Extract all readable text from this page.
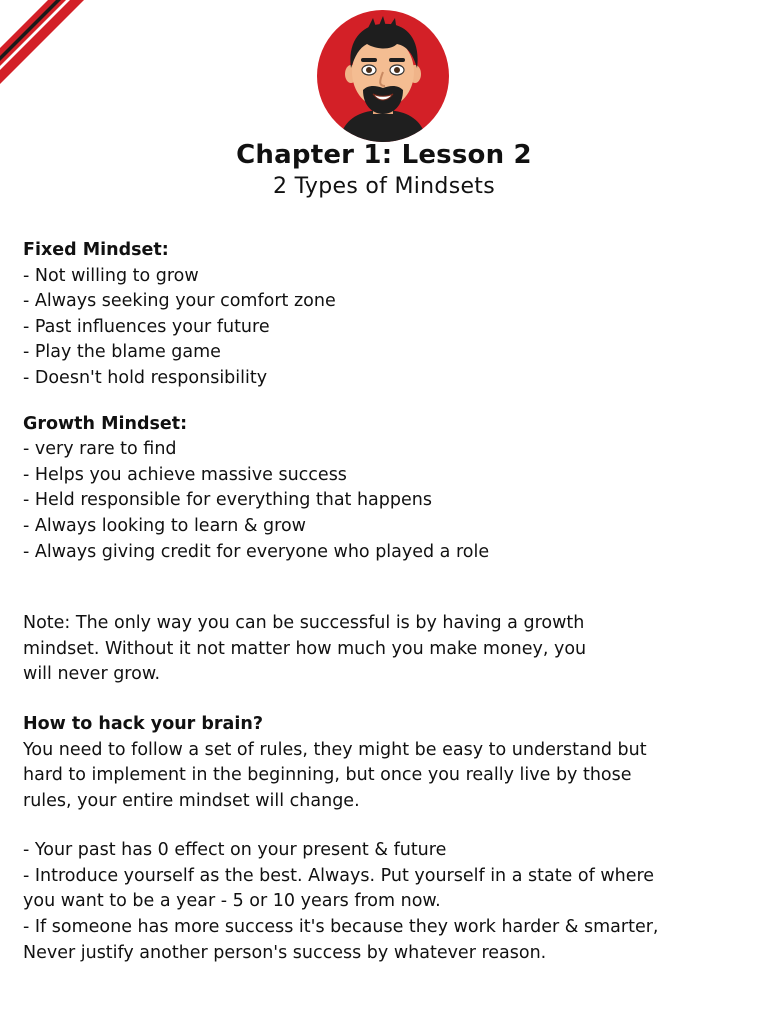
Chapter 1: Lesson 2
2 Types of Mindsets
Fixed Mindset:
- Not willing to grow
- Always seeking your comfort zone
- Past influences your future
- Play the blame game
- Doesn't hold responsibility
Growth Mindset:
- very rare to find
- Helps you achieve massive success
- Held responsible for everything that happens
- Always looking to learn & grow
- Always giving credit for everyone who played a role
Note: The only way you can be successful is by having a growth
mindset. Without it not matter how much you make money, you
will never grow.
How to hack your brain?
You need to follow a set of rules, they might be easy to understand but
hard to implement in the beginning, but once you really live by those
rules, your entire mindset will change.
- Your past has 0 effect on your present & future
- Introduce yourself as the best. Always. Put yourself in a state of where
you want to be a year - 5 or 10 years from now.
- If someone has more success it's because they work harder & smarter,
Never justify another person's success by whatever reason.
